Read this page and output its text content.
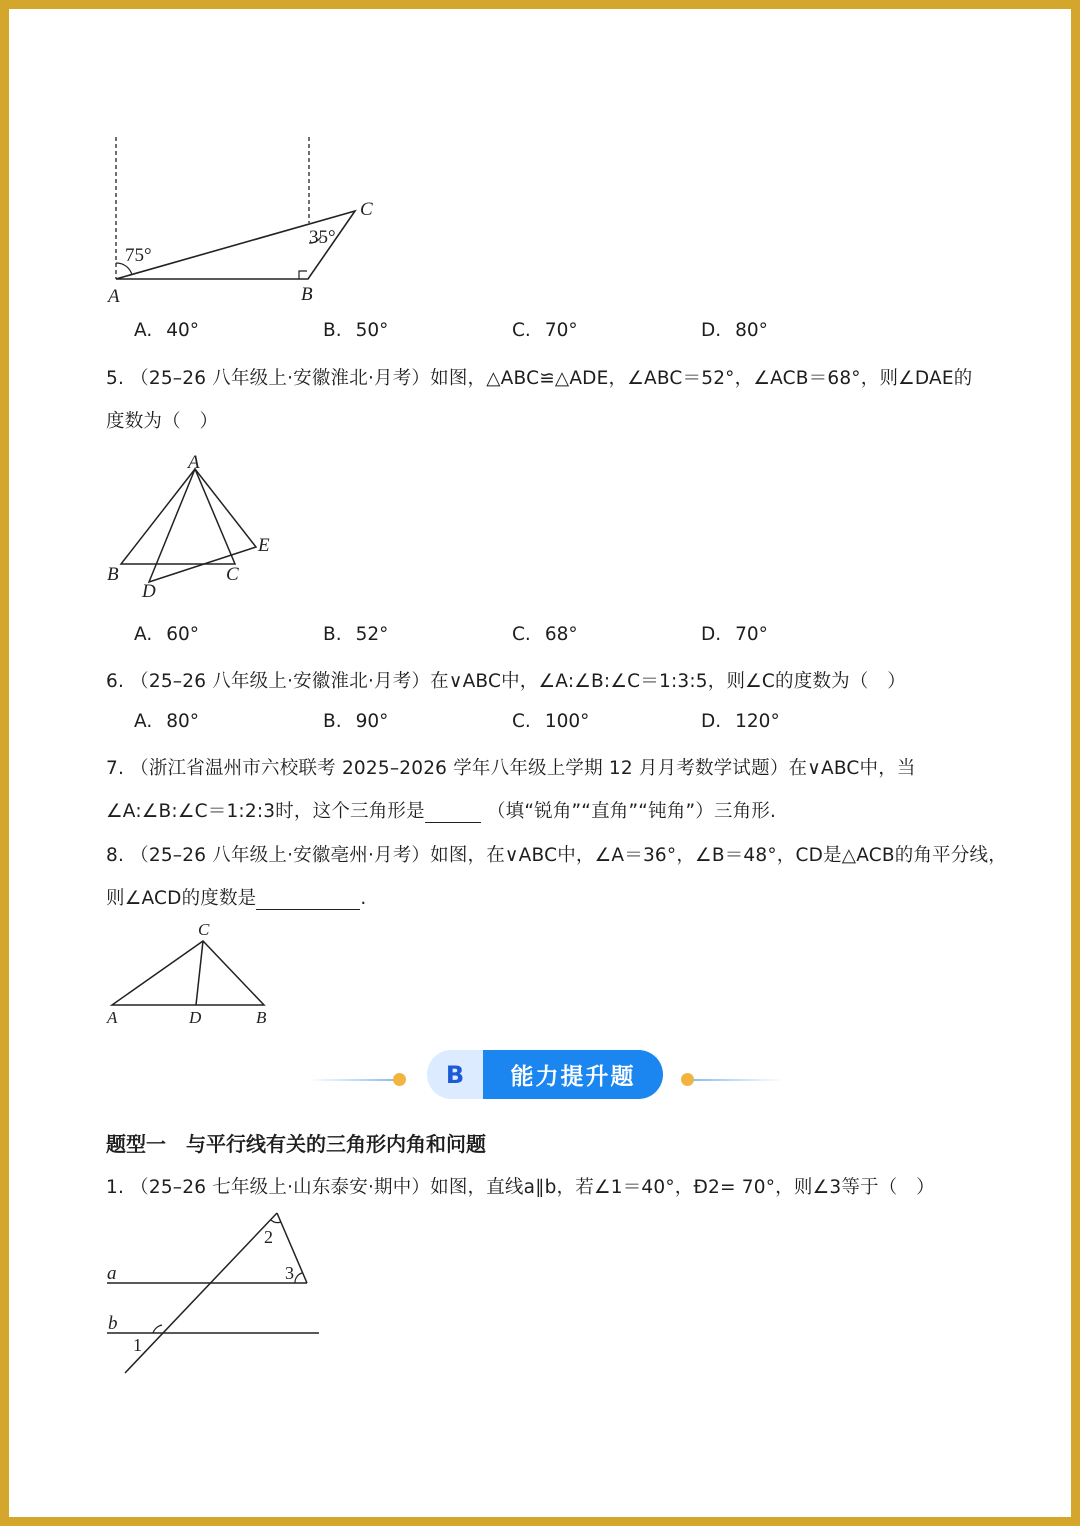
75°
35°
A	B
C
A. 40°	B. 50°	C. 70°	D. 80°
5. （25–26 八年级上·安徽淮北·月考）如图，△ABC≌△ADE，∠ABC＝52°，∠ACB＝68°，则∠DAE的
度数为（　）
A
B	C
D
E
A. 60°	B. 52°	C. 68°	D. 70°
6. （25–26 八年级上·安徽淮北·月考）在∨ABC中，∠A:∠B:∠C＝1:3:5，则∠C的度数为（　）
A. 80°	B. 90°	C. 100°	D. 120°
7. （浙江省温州市六校联考 2025–2026 学年八年级上学期 12 月月考数学试题）在∨ABC中，当
∠A:∠B:∠C＝1:2:3时，这个三角形是	（填“锐角”“直角”“钝角”）三角形.
8. （25–26 八年级上·安徽亳州·月考）如图，在∨ABC中，∠A＝36°，∠B＝48°，CD是△ACB的角平分线，
则∠ACD的度数是	.
C
A	D	B
B	能力提升题
题型一　与平行线有关的三角形内角和问题
1. （25–26 七年级上·山东泰安·期中）如图，直线a∥b，若∠1＝40°，Ð2= 70°，则∠3等于（　）
a
b
1
2
3
